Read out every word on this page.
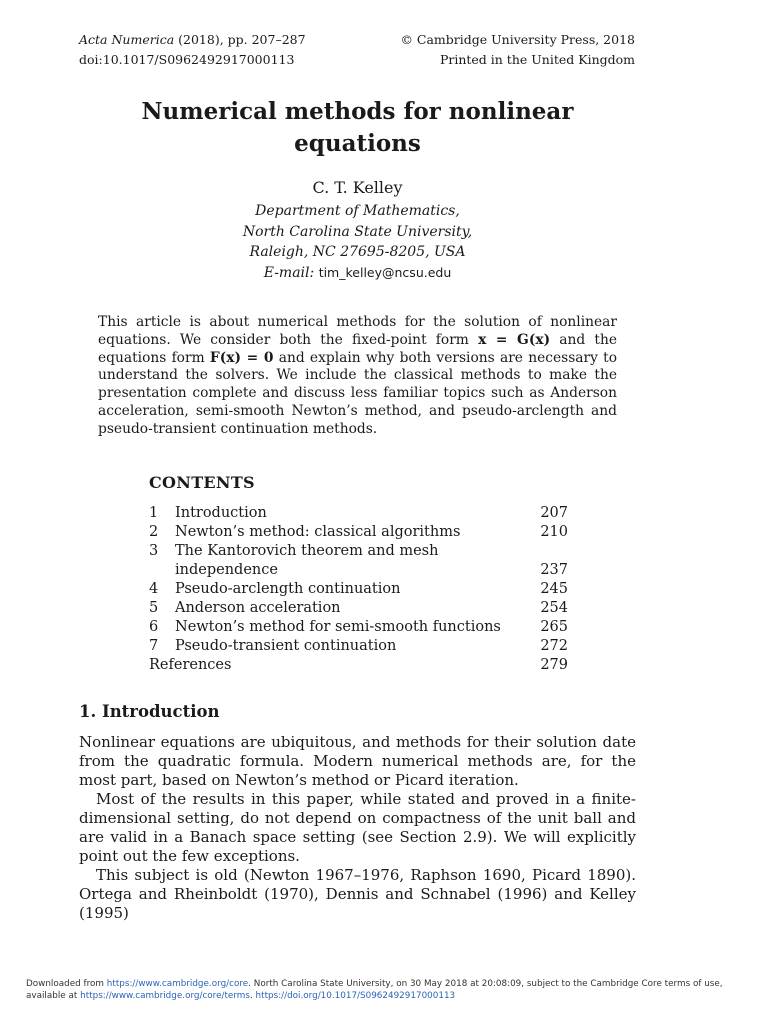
Acta Numerica (2018), pp. 207–287
doi:10.1017/S0962492917000113
© Cambridge University Press, 2018
Printed in the United Kingdom
Numerical methods for nonlinear equations
C. T. Kelley
Department of Mathematics,
North Carolina State University,
Raleigh, NC 27695-8205, USA
E-mail: tim_kelley@ncsu.edu
This article is about numerical methods for the solution of nonlinear equations. We consider both the fixed-point form x = G(x) and the equations form F(x) = 0 and explain why both versions are necessary to understand the solvers. We include the classical methods to make the presentation complete and discuss less familiar topics such as Anderson acceleration, semi-smooth Newton’s method, and pseudo-arclength and pseudo-transient continuation methods.
CONTENTS
1 Introduction	207
2 Newton’s method: classical algorithms	210
3 The Kantorovich theorem and mesh
independence	237
4 Pseudo-arclength continuation	245
5 Anderson acceleration	254
6 Newton’s method for semi-smooth functions	265
7 Pseudo-transient continuation	272
References	279
1. Introduction

Nonlinear equations are ubiquitous, and methods for their solution date from the quadratic formula. Modern numerical methods are, for the most part, based on Newton’s method or Picard iteration.

Most of the results in this paper, while stated and proved in a finite-dimensional setting, do not depend on compactness of the unit ball and are valid in a Banach space setting (see Section 2.9). We will explicitly point out the few exceptions.

This subject is old (Newton 1967–1976, Raphson 1690, Picard 1890). Ortega and Rheinboldt (1970), Dennis and Schnabel (1996) and Kelley (1995)

Downloaded from https://www.cambridge.org/core. North Carolina State University, on 30 May 2018 at 20:08:09, subject to the Cambridge Core terms of use,
available at https://www.cambridge.org/core/terms. https://doi.org/10.1017/S0962492917000113
